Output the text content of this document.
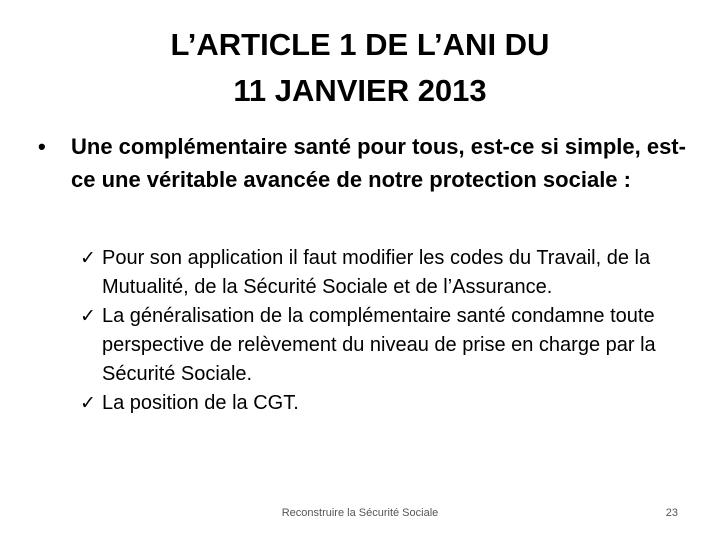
L’ARTICLE 1 DE L’ANI DU
11 JANVIER 2013
•	Une complémentaire santé pour tous, est-ce si simple, est-ce une véritable avancée de notre protection sociale :
✓ Pour son application il faut modifier les codes du Travail, de la Mutualité, de la Sécurité Sociale et de l’Assurance.
✓ La généralisation de la complémentaire santé condamne toute perspective de relèvement du niveau de prise en charge par la Sécurité Sociale.
✓ La position de la CGT.
Reconstruire la Sécurité Sociale	23
